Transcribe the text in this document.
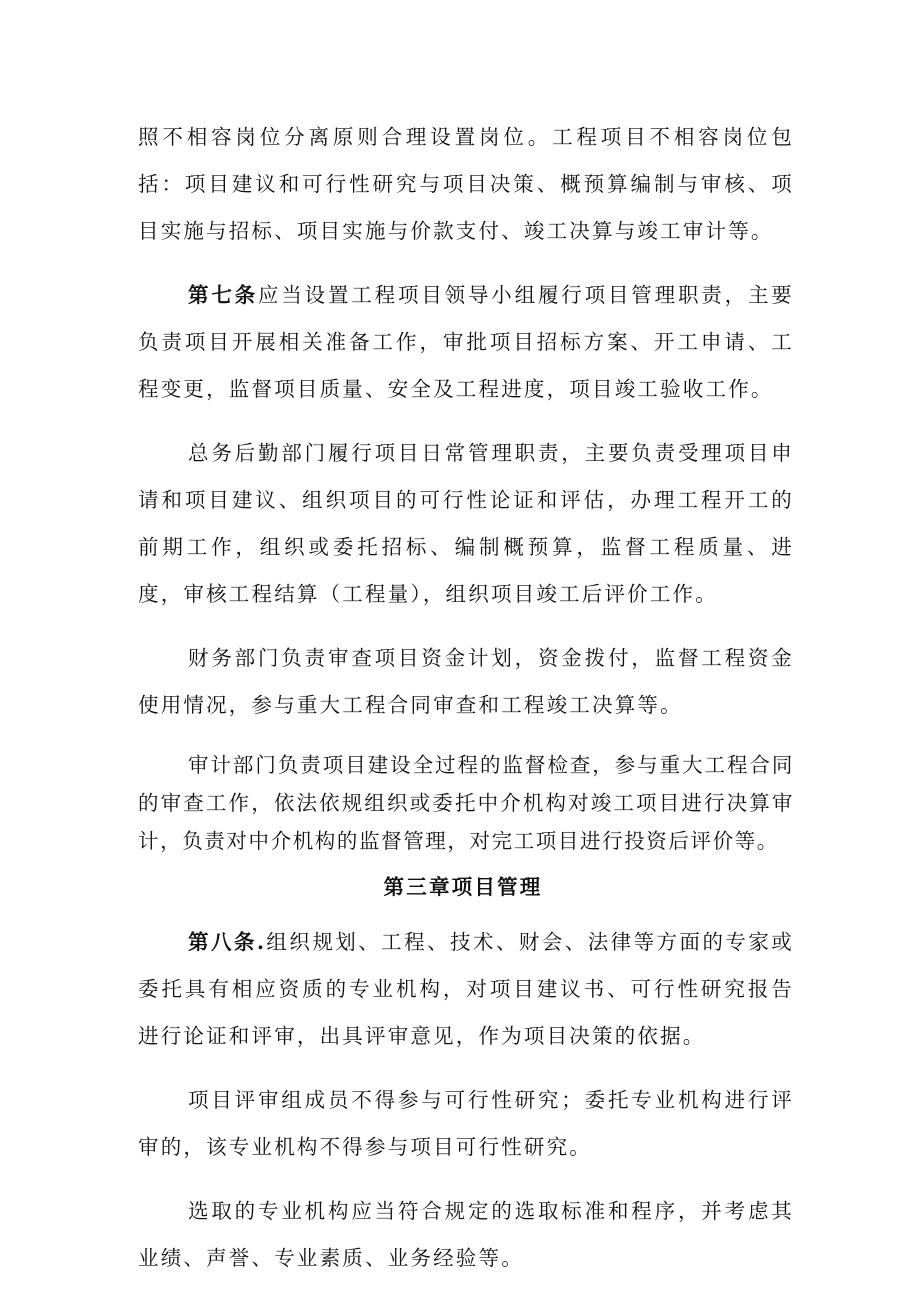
照不相容岗位分离原则合理设置岗位。工程项目不相容岗位包括：项目建议和可行性研究与项目决策、概预算编制与审核、项目实施与招标、项目实施与价款支付、竣工决算与竣工审计等。

第七条应当设置工程项目领导小组履行项目管理职责，主要负责项目开展相关准备工作，审批项目招标方案、开工申请、工程变更，监督项目质量、安全及工程进度，项目竣工验收工作。

总务后勤部门履行项目日常管理职责，主要负责受理项目申请和项目建议、组织项目的可行性论证和评估，办理工程开工的前期工作，组织或委托招标、编制概预算，监督工程质量、进度，审核工程结算（工程量），组织项目竣工后评价工作。

财务部门负责审查项目资金计划，资金拨付，监督工程资金使用情况，参与重大工程合同审查和工程竣工决算等。

审计部门负责项目建设全过程的监督检查，参与重大工程合同的审查工作，依法依规组织或委托中介机构对竣工项目进行决算审计，负责对中介机构的监督管理，对完工项目进行投资后评价等。

第三章项目管理

第八条.组织规划、工程、技术、财会、法律等方面的专家或委托具有相应资质的专业机构，对项目建议书、可行性研究报告进行论证和评审，出具评审意见，作为项目决策的依据。

项目评审组成员不得参与可行性研究；委托专业机构进行评审的，该专业机构不得参与项目可行性研究。

选取的专业机构应当符合规定的选取标准和程序，并考虑其业绩、声誉、专业素质、业务经验等。
